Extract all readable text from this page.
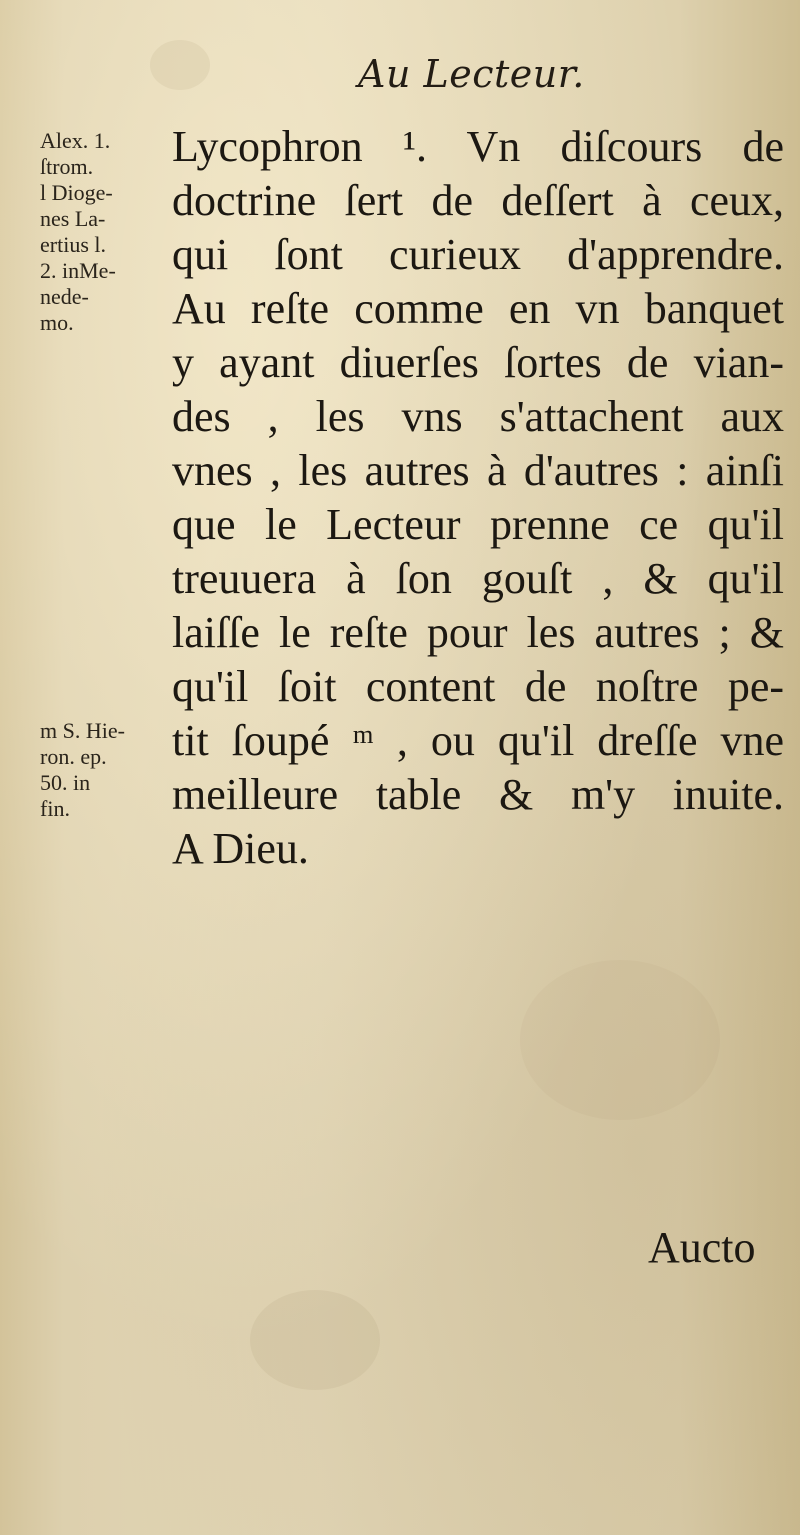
Au Lecteur.
Lycophron ¹. Vn diſcours de
doctrine ſert de deſſert à ceux,
qui ſont curieux d'apprendre.
Au reſte comme en vn banquet
y ayant diuerſes ſortes de vian-
des , les vns s'attachent aux
vnes , les autres à d'autres : ainſi
que le Lecteur prenne ce qu'il
treuuera à ſon gouſt , & qu'il
laiſſe le reſte pour les autres ; &
qu'il ſoit content de noſtre pe-
tit ſoupé ᵐ , ou qu'il dreſſe vne
meilleure table & m'y inuite.
A Dieu.
Alex. 1.
ſtrom.
l Dioge-
nes La-
ertius l.
2. inMe-
nede-
mo.
m S. Hie-
ron. ep.
50. in
fin.
Aucto
